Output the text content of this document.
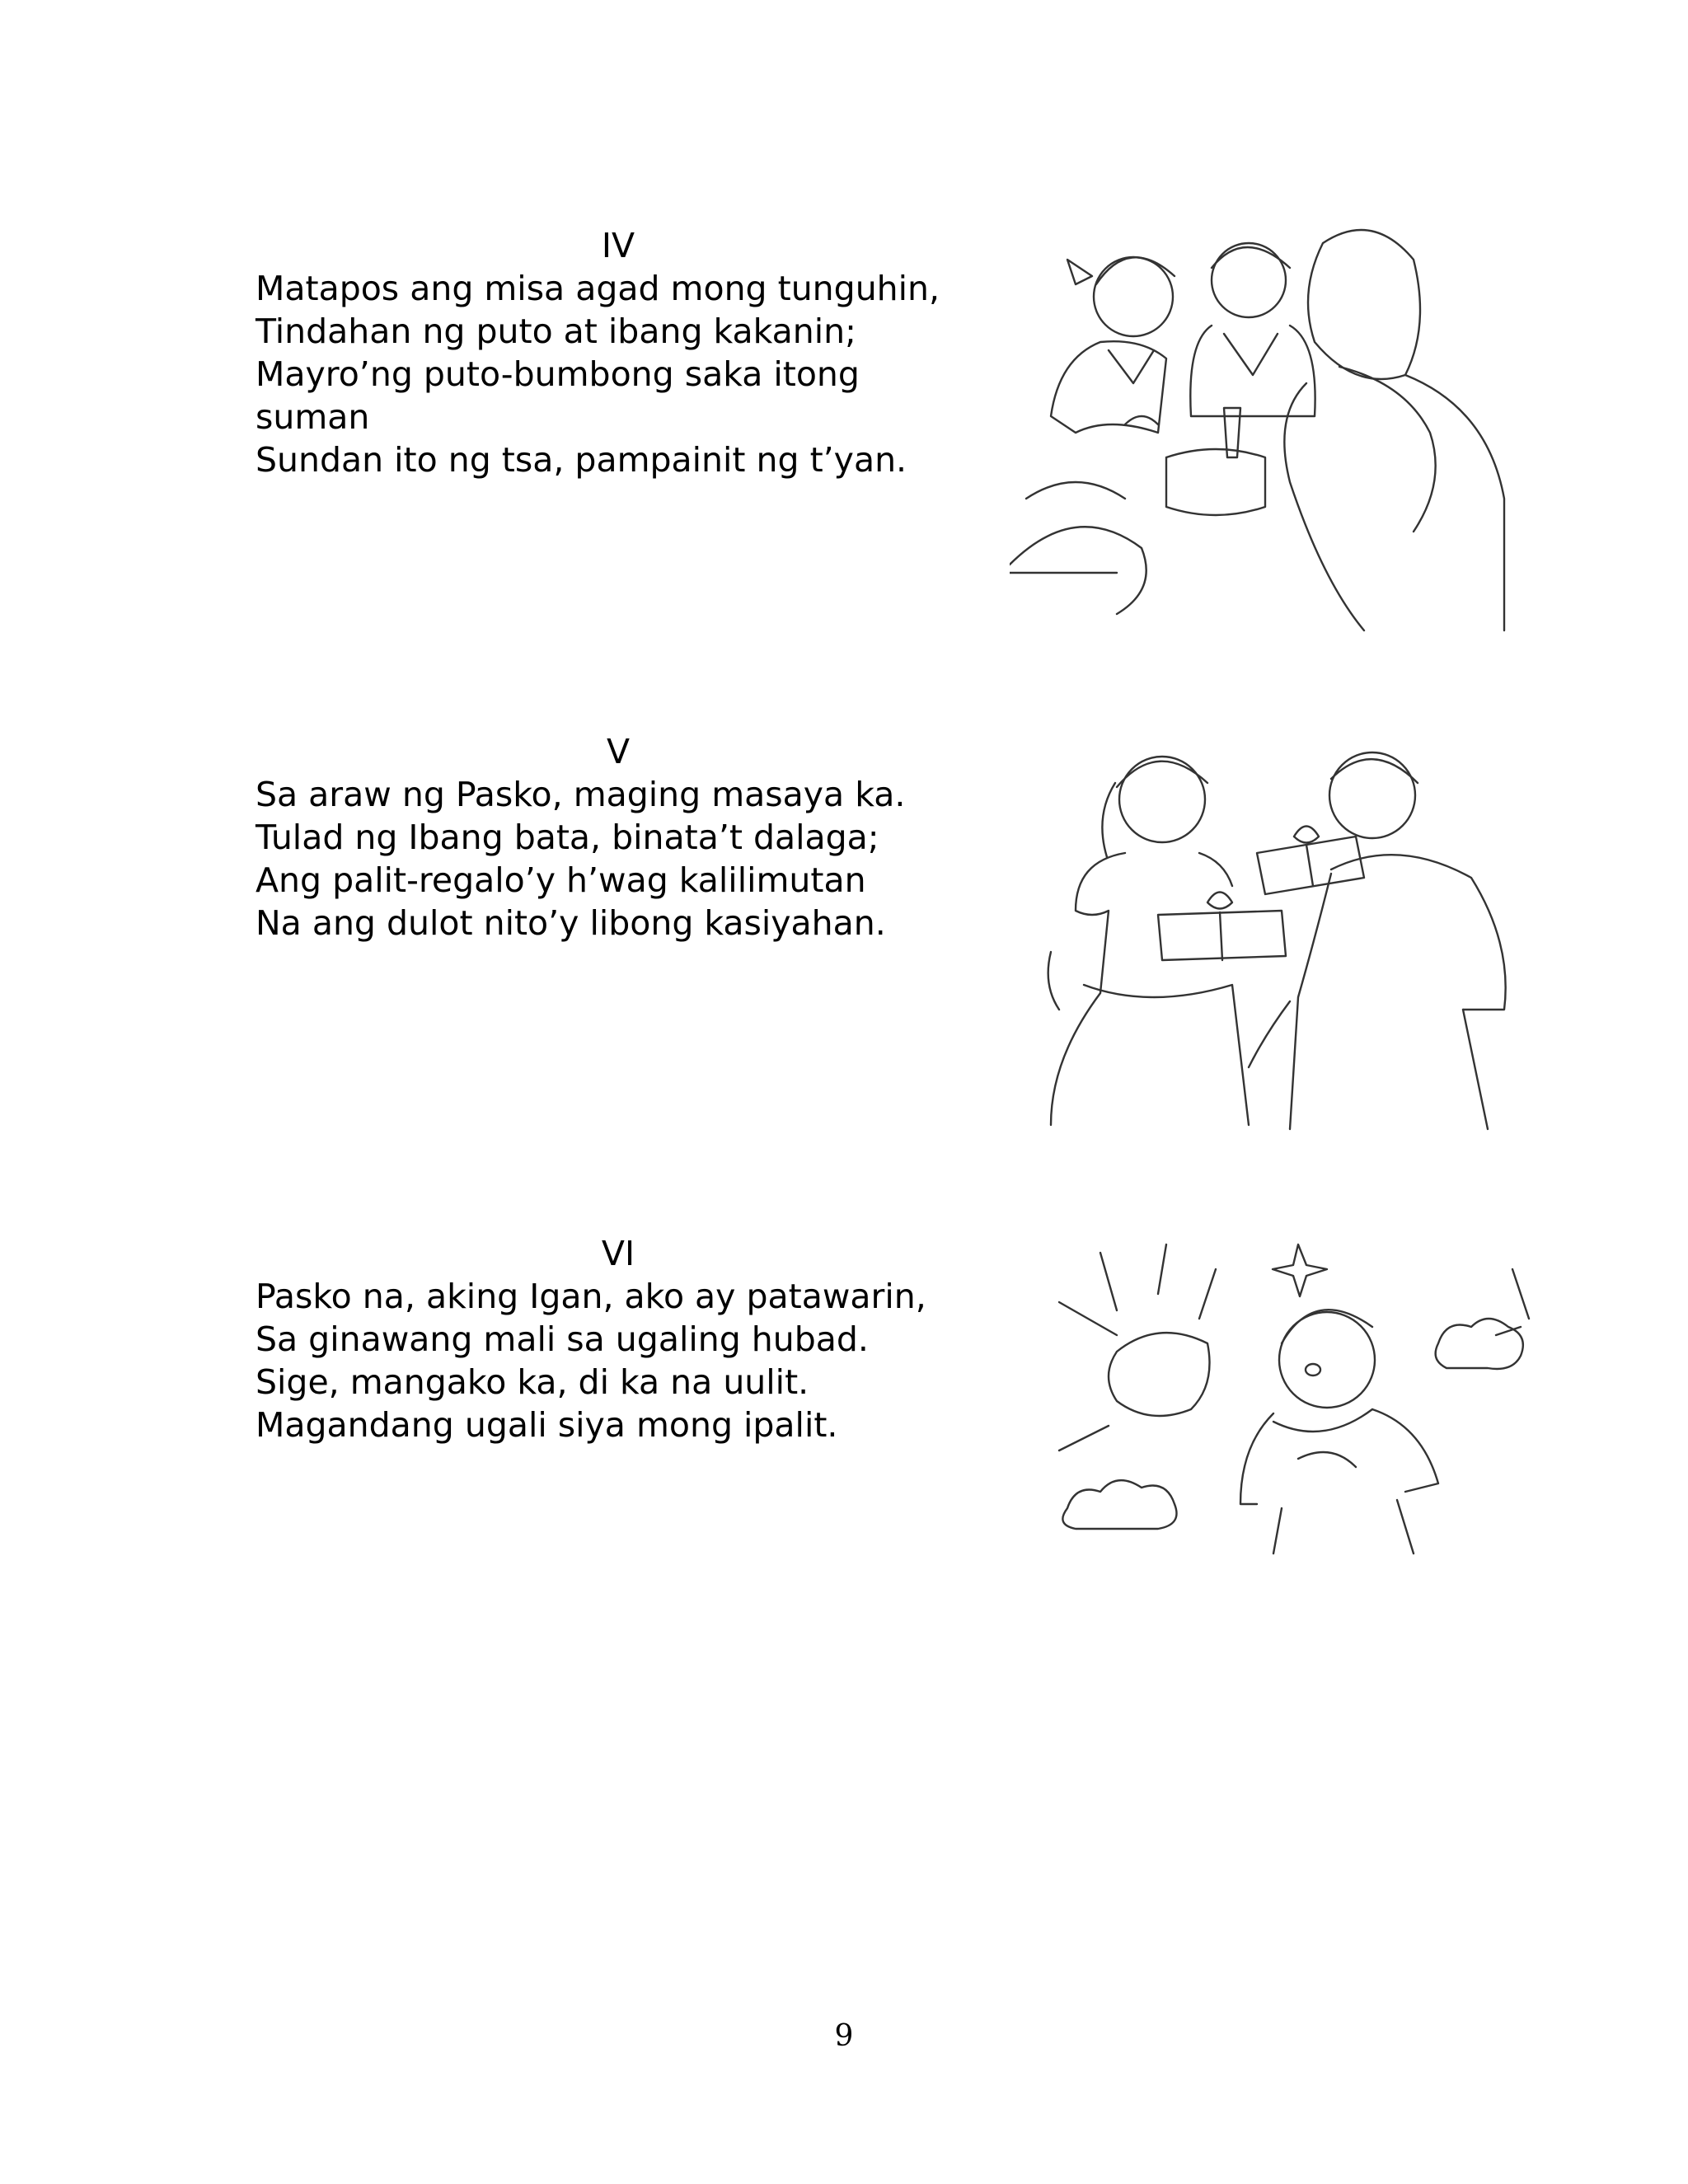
IV
Matapos ang misa agad mong tunguhin,
Tindahan ng puto at ibang kakanin;
Mayro’ng puto-bumbong saka itong
suman
Sundan ito ng tsa, pampainit ng t’yan.
V
Sa araw ng Pasko, maging masaya ka.
Tulad ng Ibang bata, binata’t dalaga;
Ang palit-regalo’y h’wag kalilimutan
Na ang dulot nito’y libong kasiyahan.
VI
Pasko na, aking Igan, ako ay patawarin,
Sa ginawang mali sa ugaling hubad.
Sige, mangako ka, di ka na uulit.
Magandang ugali siya mong ipalit.
9
